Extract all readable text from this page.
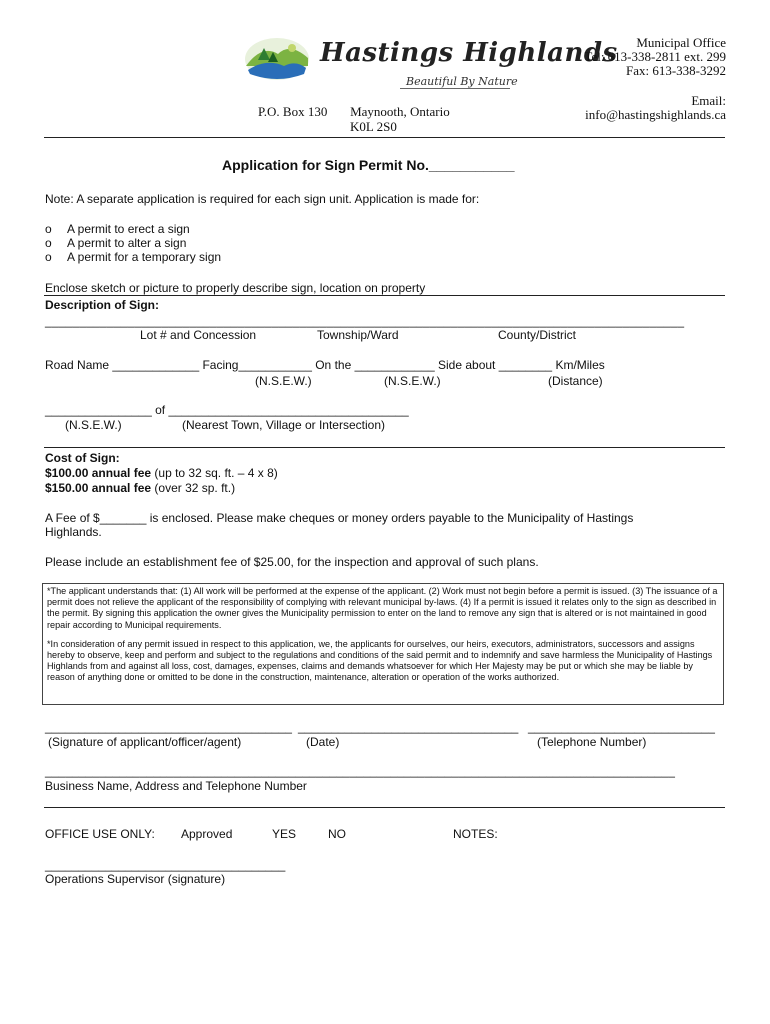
Hastings Highlands
Beautiful By Nature
P.O. Box 130       Maynooth, Ontario
K0L 2S0
Municipal Office
Tel: 613-338-2811 ext. 299
Fax: 613-338-3292
Email:
info@hastingshighlands.ca
Application for Sign Permit No.___________
Note: A separate application is required for each sign unit. Application is made for:
o A permit to erect a sign
o A permit to alter a sign
o A permit for a temporary sign
Enclose sketch or picture to properly describe sign, location on property
Description of Sign:
_____________________________________________________________________________________________
Lot # and Concession	Township/Ward	County/District
Road Name _____________ Facing___________ On the ____________ Side about ________ Km/Miles
(N.S.E.W.)	(N.S.E.W.)	(Distance)
________________ of ____________________________________
(N.S.E.W.)	(Nearest Town, Village or Intersection)
Cost of Sign:
$100.00 annual fee (up to 32 sq. ft. – 4 x 8)
$150.00 annual fee (over 32 sp. ft.)
A Fee of $_______ is enclosed. Please make cheques or money orders payable to the Municipality of Hastings
Highlands.
Please include an establishment fee of $25.00, for the inspection and approval of such plans.

*The applicant understands that: (1) All work will be performed at the expense of the applicant. (2) Work must not begin before a permit is issued. (3) The issuance of a permit does not relieve the applicant of the responsibility of complying with relevant municipal by-laws. (4) If a permit is issued it relates only to the sign as described in the permit. By signing this application the owner gives the Municipality permission to enter on the land to remove any sign that is altered or is not maintained in good repair according to Municipal requirements.

*In consideration of any permit issued in respect to this application, we, the applicants for ourselves, our heirs, executors, administrators, successors and assigns hereby to observe, keep and perform and subject to the regulations and conditions of the said permit and to indemnify and save harmless the Municipality of Hastings Highlands from and against all loss, cost, damages, expenses, claims and demands whatsoever for which Her Majesty may be put or which she may be liable by reason of anything done or omitted to be done in the construction, maintenance, alteration or operation of the works authorized.

_____________________________________ _________________________________ ____________________________
(Signature of applicant/officer/agent)	(Date)	(Telephone Number)
_____________________________________________________________________________________________
Business Name, Address and Telephone Number
OFFICE USE ONLY: Approved	YES	NO	NOTES:
____________________________________
Operations Supervisor (signature)
